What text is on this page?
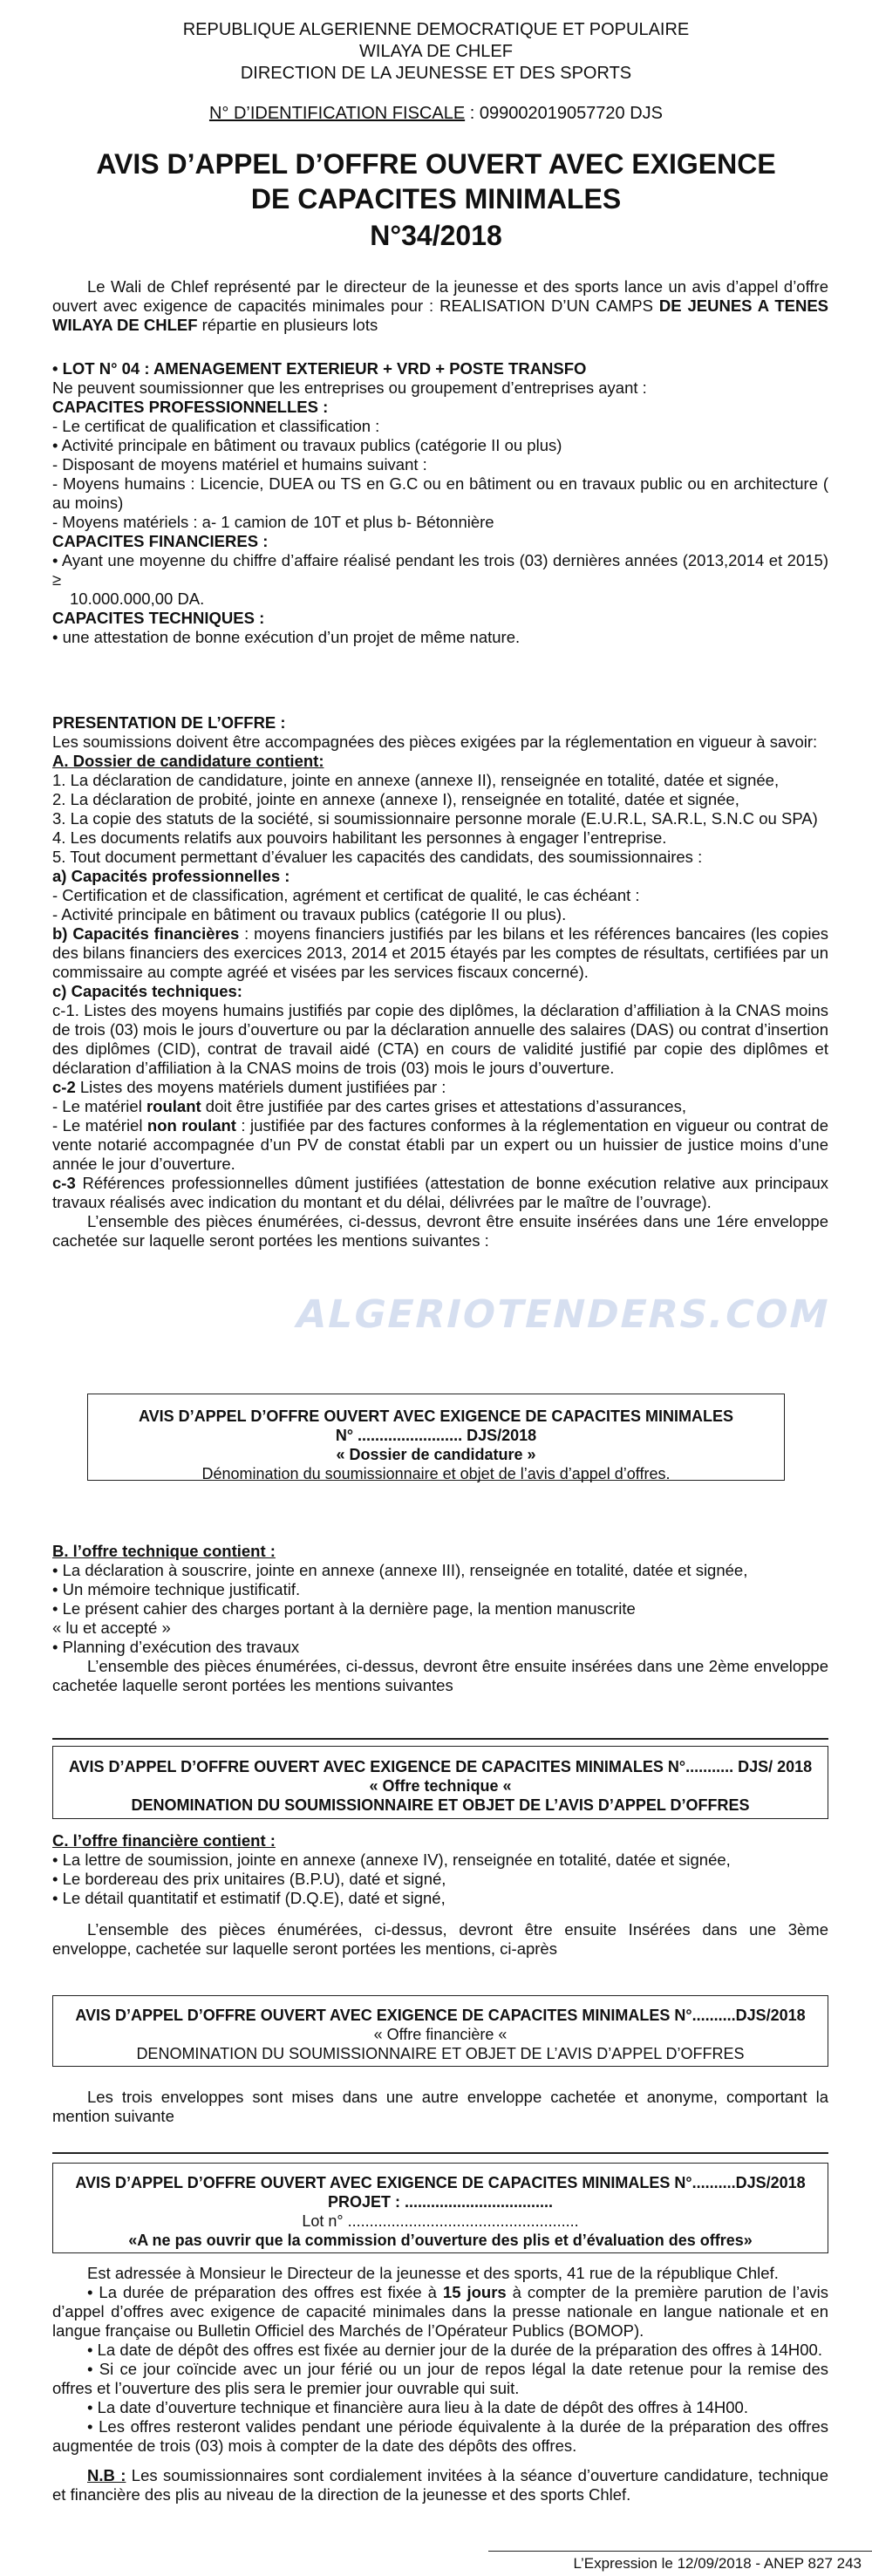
REPUBLIQUE ALGERIENNE DEMOCRATIQUE ET POPULAIRE
WILAYA DE CHLEF
DIRECTION DE LA JEUNESSE ET DES SPORTS
N° D’IDENTIFICATION FISCALE : 099002019057720 DJS
AVIS D’APPEL D’OFFRE OUVERT AVEC EXIGENCE
DE CAPACITES MINIMALES
N°34/2018

Le Wali de Chlef représenté par le directeur de la jeunesse et des sports lance un avis d’appel d’offre ouvert avec exigence de capacités minimales pour : REALISATION D’UN CAMPS DE JEUNES A TENES WILAYA DE CHLEF répartie en plusieurs lots

• LOT N° 04 : AMENAGEMENT EXTERIEUR + VRD + POSTE TRANSFO

Ne peuvent soumissionner que les entreprises ou groupement d’entreprises ayant :

CAPACITES PROFESSIONNELLES :

- Le certificat de qualification et classification :

• Activité principale en bâtiment ou travaux publics (catégorie II ou plus)

- Disposant de moyens matériel et humains suivant :

- Moyens humains : Licencie, DUEA ou TS en G.C ou en bâtiment ou en travaux public ou en architecture ( au moins)

- Moyens matériels : a- 1 camion de 10T et plus b- Bétonnière

CAPACITES FINANCIERES :

• Ayant une moyenne du chiffre d’affaire réalisé pendant les trois (03) dernières années (2013,2014 et 2015) ≥

10.000.000,00 DA.

CAPACITES TECHNIQUES :

• une attestation de bonne exécution d’un projet de même nature.

PRESENTATION DE L’OFFRE :

Les soumissions doivent être accompagnées des pièces exigées par la réglementation en vigueur à savoir:

A. Dossier de candidature contient:

1. La déclaration de candidature, jointe en annexe (annexe II), renseignée en totalité, datée et signée,

2. La déclaration de probité, jointe en annexe (annexe I), renseignée en totalité, datée et signée,

3. La copie des statuts de la société, si soumissionnaire personne morale (E.U.R.L, SA.R.L, S.N.C ou SPA)

4. Les documents relatifs aux pouvoirs habilitant les personnes à engager l’entreprise.

5. Tout document permettant d’évaluer les capacités des candidats, des soumissionnaires :

a) Capacités professionnelles :

- Certification et de classification, agrément et certificat de qualité, le cas échéant :

- Activité principale en bâtiment ou travaux publics (catégorie II ou plus).

b) Capacités financières : moyens financiers justifiés par les bilans et les références bancaires (les copies des bilans financiers des exercices 2013, 2014 et 2015 étayés par les comptes de résultats, certifiées par un commissaire au compte agréé et visées par les services fiscaux concerné).

c) Capacités techniques:

c-1. Listes des moyens humains justifiés par copie des diplômes, la déclaration d’affiliation à la CNAS moins de trois (03) mois le jours d’ouverture ou par la déclaration annuelle des salaires (DAS) ou contrat d’insertion des diplômes (CID), contrat de travail aidé (CTA) en cours de validité justifié par copie des diplômes et déclaration d’affiliation à la CNAS moins de trois (03) mois le jours d’ouverture.

c-2 Listes des moyens matériels dument justifiées par :

- Le matériel roulant doit être justifiée par des cartes grises et attestations d’assurances,

- Le matériel non roulant : justifiée par des factures conformes à la réglementation en vigueur ou contrat de vente notarié accompagnée d’un PV de constat établi par un expert ou un huissier de justice moins d’une année le jour d’ouverture.

c-3 Références professionnelles dûment justifiées (attestation de bonne exécution relative aux principaux travaux réalisés avec indication du montant et du délai, délivrées par le maître de l’ouvrage).

L’ensemble des pièces énumérées, ci-dessus, devront être ensuite insérées dans une 1ére enveloppe cachetée sur laquelle seront portées les mentions suivantes :

ALGERIOTENDERS.COM
AVIS D’APPEL D’OFFRE OUVERT AVEC EXIGENCE DE CAPACITES MINIMALES
N° ........................ DJS/2018
« Dossier de candidature »
Dénomination du soumissionnaire et objet de l’avis d’appel d’offres.

B. l’offre technique contient :

• La déclaration à souscrire, jointe en annexe (annexe III), renseignée en totalité, datée et signée,

• Un mémoire technique justificatif.

• Le présent cahier des charges portant à la dernière page, la mention manuscrite

« lu et accepté »

• Planning d’exécution des travaux

L’ensemble des pièces énumérées, ci-dessus, devront être ensuite insérées dans une 2ème enveloppe cachetée laquelle seront portées les mentions suivantes

AVIS D’APPEL D’OFFRE OUVERT AVEC EXIGENCE DE CAPACITES MINIMALES N°........... DJS/ 2018
« Offre technique «
DENOMINATION DU SOUMISSIONNAIRE ET OBJET DE L’AVIS D’APPEL D’OFFRES

C. l’offre financière contient :

• La lettre de soumission, jointe en annexe (annexe IV), renseignée en totalité, datée et signée,

• Le bordereau des prix unitaires (B.P.U), daté et signé,

• Le détail quantitatif et estimatif (D.Q.E), daté et signé,

L’ensemble des pièces énumérées, ci-dessus, devront être ensuite Insérées dans une 3ème enveloppe, cachetée sur laquelle seront portées les mentions, ci-après

AVIS D’APPEL D’OFFRE OUVERT AVEC EXIGENCE DE CAPACITES MINIMALES N°..........DJS/2018
« Offre financière «
DENOMINATION DU SOUMISSIONNAIRE ET OBJET DE L’AVIS D’APPEL D’OFFRES

Les trois enveloppes sont mises dans une autre enveloppe cachetée et anonyme, comportant la mention suivante

AVIS D’APPEL D’OFFRE OUVERT AVEC EXIGENCE DE CAPACITES MINIMALES N°..........DJS/2018
PROJET : ..................................
Lot n° .....................................................
«A ne pas ouvrir que la commission d’ouverture des plis et d’évaluation des offres»

Est adressée à Monsieur le Directeur de la jeunesse et des sports, 41 rue de la république Chlef.

• La durée de préparation des offres est fixée à 15 jours à compter de la première parution de l’avis d’appel d’offres avec exigence de capacité minimales dans la presse nationale en langue nationale et en langue française ou Bulletin Officiel des Marchés de l’Opérateur Publics (BOMOP).

• La date de dépôt des offres est fixée au dernier jour de la durée de la préparation des offres à 14H00.

• Si ce jour coïncide avec un jour férié ou un jour de repos légal la date retenue pour la remise des offres et l’ouverture des plis sera le premier jour ouvrable qui suit.

• La date d’ouverture technique et financière aura lieu à la date de dépôt des offres à 14H00.

• Les offres resteront valides pendant une période équivalente à la durée de la préparation des offres augmentée de trois (03) mois à compter de la date des dépôts des offres.

N.B : Les soumissionnaires sont cordialement invitées à la séance d’ouverture candidature, technique et financière des plis au niveau de la direction de la jeunesse et des sports Chlef.

L’Expression le 12/09/2018 - ANEP 827 243
